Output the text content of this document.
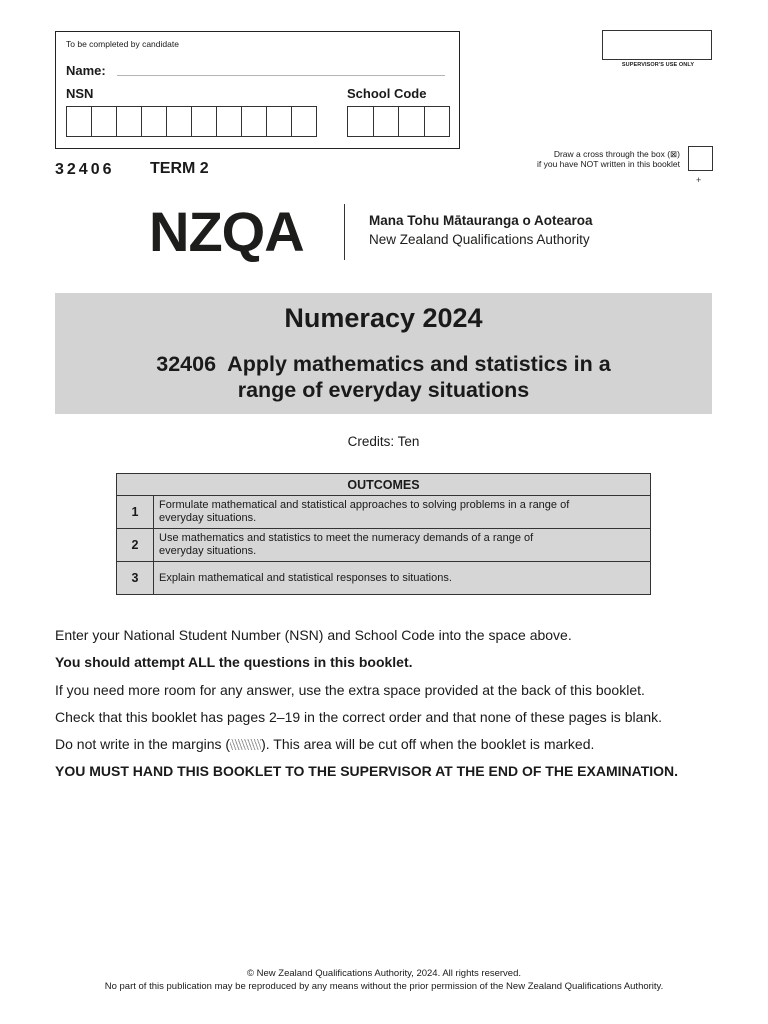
To be completed by candidate
Name:
NSN	School Code
SUPERVISOR'S USE ONLY
Draw a cross through the box (⊠)
if you have NOT written in this booklet
+
32406 TERM 2
NZQA	Mana Tohu Mātauranga o Aotearoa
New Zealand Qualifications Authority
Numeracy 2024
32406  Apply mathematics and statistics in a
range of everyday situations
Credits: Ten
OUTCOMES	
1	Formulate mathematical and statistical approaches to solving problems in a range of everyday situations.
2	Use mathematics and statistics to meet the numeracy demands of a range of everyday situations.
3	Explain mathematical and statistical responses to situations.

Enter your National Student Number (NSN) and School Code into the space above.

You should attempt ALL the questions in this booklet.

If you need more room for any answer, use the extra space provided at the back of this booklet.

Check that this booklet has pages 2–19 in the correct order and that none of these pages is blank.

Do not write in the margins ( ). This area will be cut off when the booklet is marked.

YOU MUST HAND THIS BOOKLET TO THE SUPERVISOR AT THE END OF THE EXAMINATION.

© New Zealand Qualifications Authority, 2024. All rights reserved.
No part of this publication may be reproduced by any means without the prior permission of the New Zealand Qualifications Authority.
